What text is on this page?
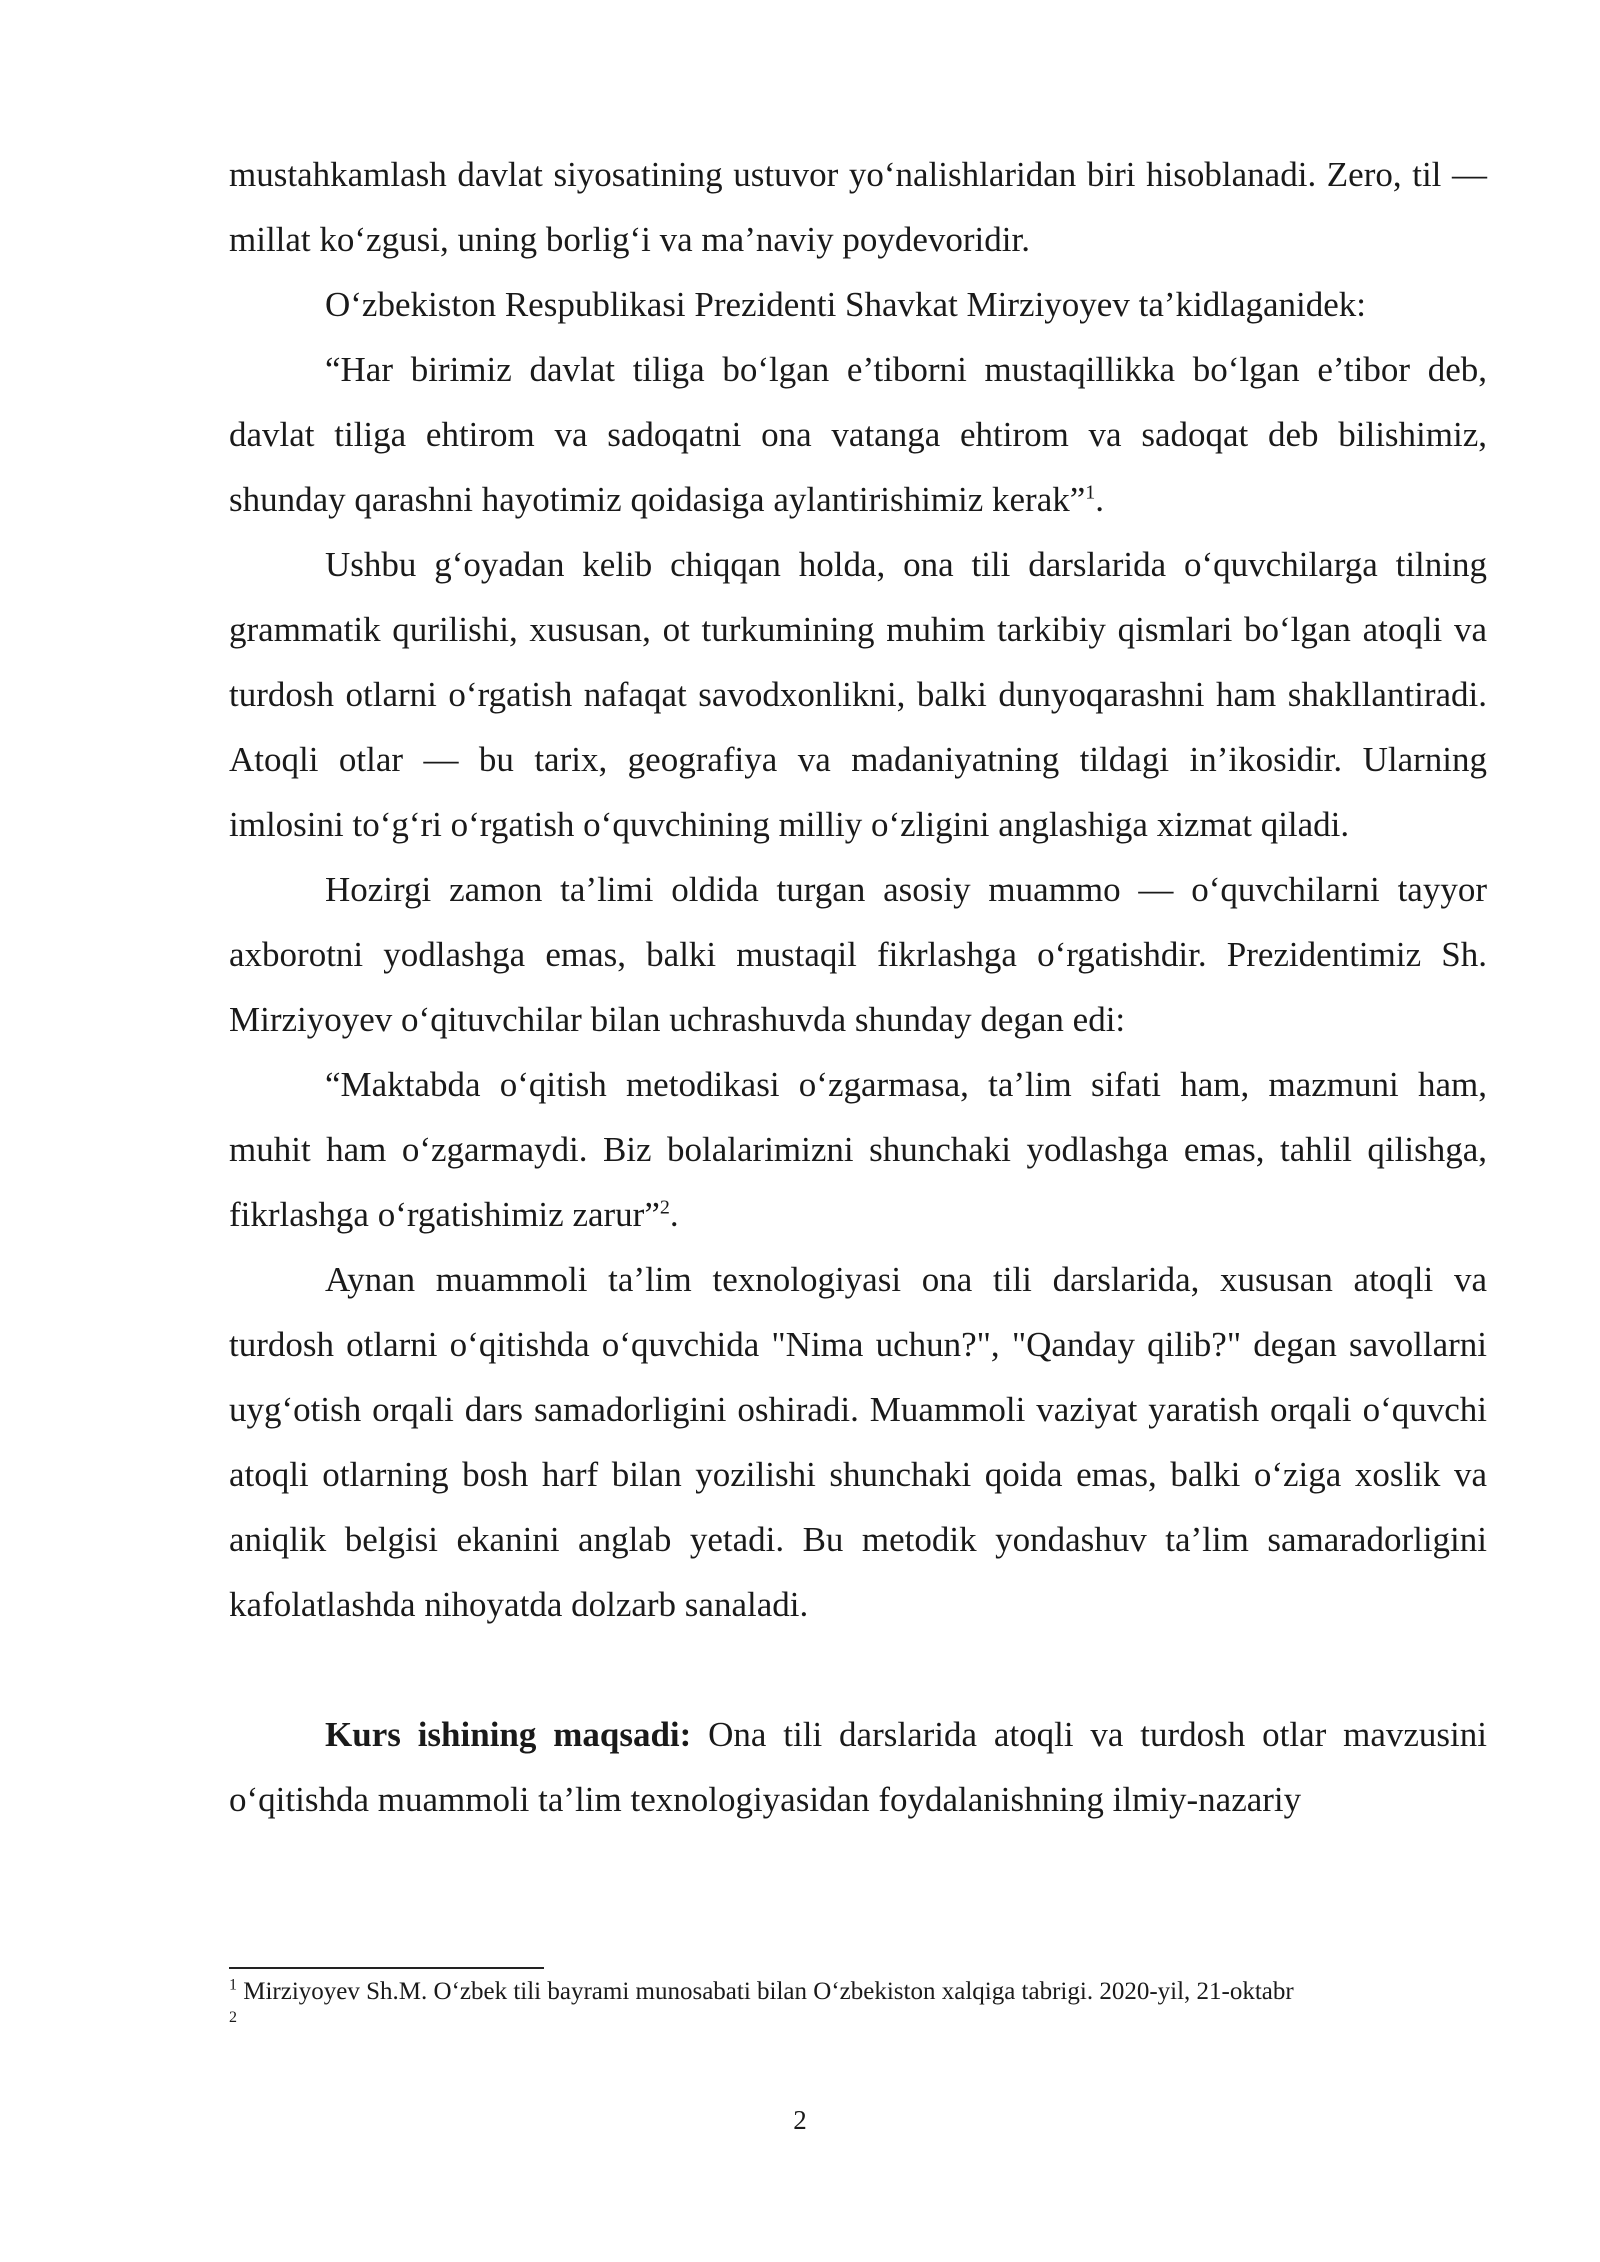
mustahkamlash davlat siyosatining ustuvor yo‘nalishlaridan biri hisoblanadi. Zero, til — millat ko‘zgusi, uning borlig‘i va ma’naviy poydevoridir.

O‘zbekiston Respublikasi Prezidenti Shavkat Mirziyoyev ta’kidlaganidek:

“Har birimiz davlat tiliga bo‘lgan e’tiborni mustaqillikka bo‘lgan e’tibor deb, davlat tiliga ehtirom va sadoqatni ona vatanga ehtirom va sadoqat deb bilishimiz, shunday qarashni hayotimiz qoidasiga aylantirishimiz kerak”$^1$.

Ushbu g‘oyadan kelib chiqqan holda, ona tili darslarida o‘quvchilarga tilning grammatik qurilishi, xususan, ot turkumining muhim tarkibiy qismlari bo‘lgan atoqli va turdosh otlarni o‘rgatish nafaqat savodxonlikni, balki dunyoqarashni ham shakllantiradi. Atoqli otlar — bu tarix, geografiya va madaniyatning tildagi in’ikosidir. Ularning imlosini to‘g‘ri o‘rgatish o‘quvchining milliy o‘zligini anglashiga xizmat qiladi.

Hozirgi zamon ta’limi oldida turgan asosiy muammo — o‘quvchilarni tayyor axborotni yodlashga emas, balki mustaqil fikrlashga o‘rgatishdir. Prezidentimiz Sh. Mirziyoyev o‘qituvchilar bilan uchrashuvda shunday degan edi:

“Maktabda o‘qitish metodikasi o‘zgarmasa, ta’lim sifati ham, mazmuni ham, muhit ham o‘zgarmaydi. Biz bolalarimizni shunchaki yodlashga emas, tahlil qilishga, fikrlashga o‘rgatishimiz zarur”$^2$.

Aynan muammoli ta’lim texnologiyasi ona tili darslarida, xususan atoqli va turdosh otlarni o‘qitishda o‘quvchida "Nima uchun?", "Qanday qilib?" degan savollarni uyg‘otish orqali dars samadorligini oshiradi. Muammoli vaziyat yaratish orqali o‘quvchi atoqli otlarning bosh harf bilan yozilishi shunchaki qoida emas, balki o‘ziga xoslik va aniqlik belgisi ekanini anglab yetadi. Bu metodik yondashuv ta’lim samaradorligini kafolatlashda nihoyatda dolzarb sanaladi.

Kurs ishining maqsadi: Ona tili darslarida atoqli va turdosh otlar mavzusini o‘qitishda muammoli ta’lim texnologiyasidan foydalanishning ilmiy-nazariy

$^1$ Mirziyoyev Sh.M. O‘zbek tili bayrami munosabati bilan O‘zbekiston xalqiga tabrigi. 2020-yil, 21-oktabr

2
2
